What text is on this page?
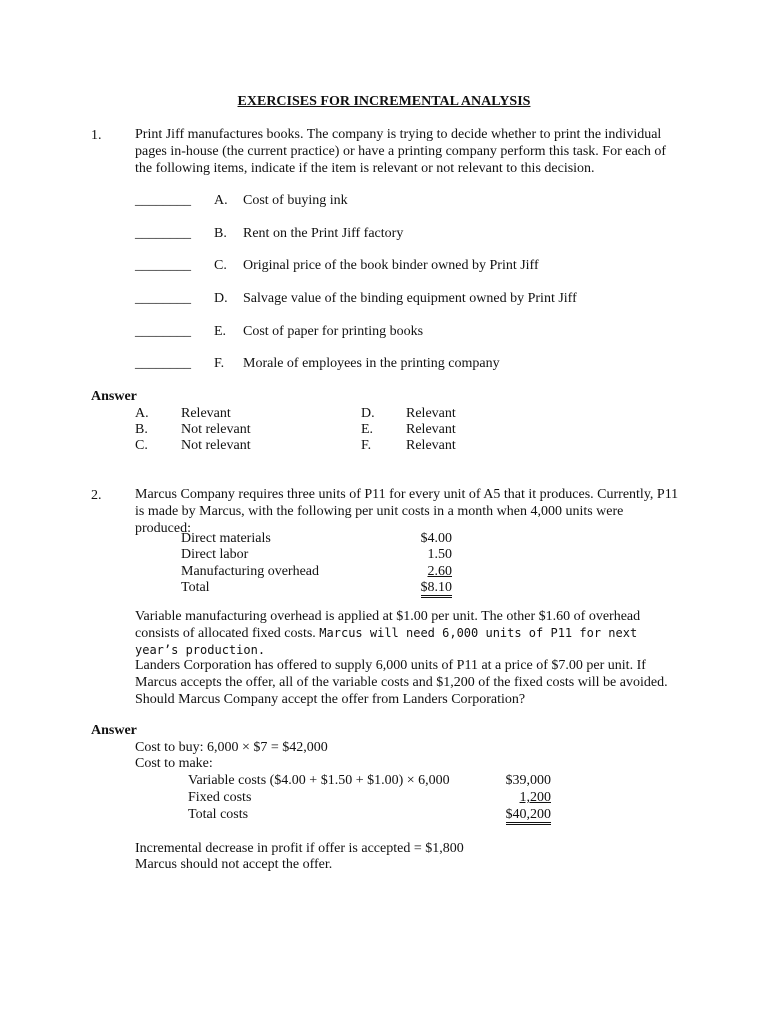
EXERCISES FOR INCREMENTAL ANALYSIS
1. Print Jiff manufactures books. The company is trying to decide whether to print the individual pages in-house (the current practice) or have a printing company perform this task. For each of the following items, indicate if the item is relevant or not relevant to this decision.
________ A. Cost of buying ink
________ B. Rent on the Print Jiff factory
________ C. Original price of the book binder owned by Print Jiff
________ D. Salvage value of the binding equipment owned by Print Jiff
________ E. Cost of paper for printing books
________ F. Morale of employees in the printing company
Answer
A. Relevant
B. Not relevant
C. Not relevant
D. Relevant
E. Relevant
F. Relevant
2. Marcus Company requires three units of P11 for every unit of A5 that it produces. Currently, P11 is made by Marcus, with the following per unit costs in a month when 4,000 units were produced:
Direct materials	$4.00
Direct labor	1.50
Manufacturing overhead	2.60
Total	$8.10
Variable manufacturing overhead is applied at $1.00 per unit. The other $1.60 of overhead consists of allocated fixed costs. Marcus will need 6,000 units of P11 for next year’s production.
Landers Corporation has offered to supply 6,000 units of P11 at a price of $7.00 per unit. If Marcus accepts the offer, all of the variable costs and $1,200 of the fixed costs will be avoided. Should Marcus Company accept the offer from Landers Corporation?
Answer
Cost to buy: 6,000 × $7 = $42,000
Cost to make:
Variable costs ($4.00 + $1.50 + $1.00) × 6,000	$39,000
Fixed costs	1,200
Total costs	$40,200
Incremental decrease in profit if offer is accepted = $1,800
Marcus should not accept the offer.
